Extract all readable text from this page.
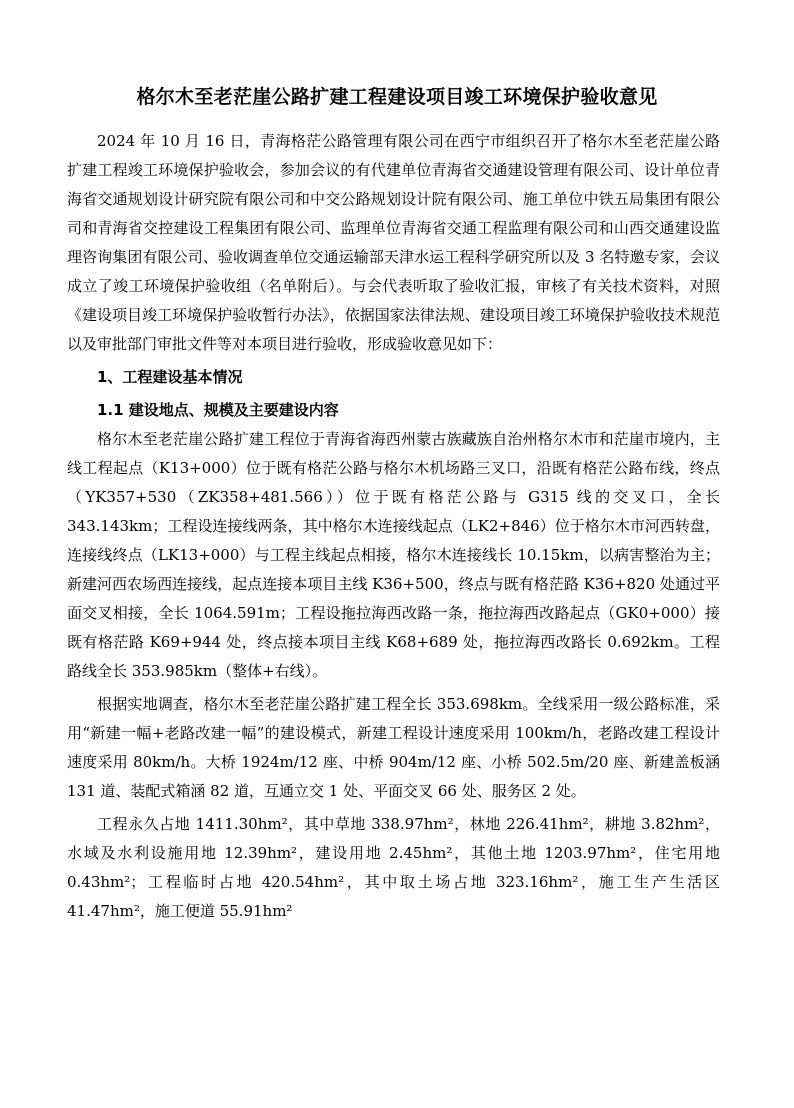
格尔木至老茫崖公路扩建工程建设项目竣工环境保护验收意见

2024 年 10 月 16 日，青海格茫公路管理有限公司在西宁市组织召开了格尔木至老茫崖公路扩建工程竣工环境保护验收会，参加会议的有代建单位青海省交通建设管理有限公司、设计单位青海省交通规划设计研究院有限公司和中交公路规划设计院有限公司、施工单位中铁五局集团有限公司和青海省交控建设工程集团有限公司、监理单位青海省交通工程监理有限公司和山西交通建设监理咨询集团有限公司、验收调查单位交通运输部天津水运工程科学研究所以及 3 名特邀专家，会议成立了竣工环境保护验收组（名单附后）。与会代表听取了验收汇报，审核了有关技术资料，对照《建设项目竣工环境保护验收暂行办法》，依据国家法律法规、建设项目竣工环境保护验收技术规范以及审批部门审批文件等对本项目进行验收，形成验收意见如下：

1、工程建设基本情况

1.1 建设地点、规模及主要建设内容

格尔木至老茫崖公路扩建工程位于青海省海西州蒙古族藏族自治州格尔木市和茫崖市境内，主线工程起点（K13+000）位于既有格茫公路与格尔木机场路三叉口，沿既有格茫公路布线，终点（YK357+530（ZK358+481.566））位于既有格茫公路与 G315 线的交叉口，全长 343.143km；工程设连接线两条，其中格尔木连接线起点（LK2+846）位于格尔木市河西转盘，连接线终点（LK13+000）与工程主线起点相接，格尔木连接线长 10.15km，以病害整治为主；新建河西农场西连接线，起点连接本项目主线 K36+500，终点与既有格茫路 K36+820 处通过平面交叉相接，全长 1064.591m；工程设拖拉海西改路一条，拖拉海西改路起点（GK0+000）接既有格茫路 K69+944 处，终点接本项目主线 K68+689 处，拖拉海西改路长 0.692km。工程路线全长 353.985km（整体+右线）。

根据实地调查，格尔木至老茫崖公路扩建工程全长 353.698km。全线采用一级公路标准，采用“新建一幅+老路改建一幅”的建设模式，新建工程设计速度采用 100km/h，老路改建工程设计速度采用 80km/h。大桥 1924m/12 座、中桥 904m/12 座、小桥 502.5m/20 座、新建盖板涵 131 道、装配式箱涵 82 道，互通立交 1 处、平面交叉 66 处、服务区 2 处。

工程永久占地 1411.30hm²，其中草地 338.97hm²，林地 226.41hm²，耕地 3.82hm²，水域及水利设施用地 12.39hm²，建设用地 2.45hm²，其他土地 1203.97hm²，住宅用地 0.43hm²；工程临时占地 420.54hm²，其中取土场占地 323.16hm²，施工生产生活区 41.47hm²，施工便道 55.91hm²
